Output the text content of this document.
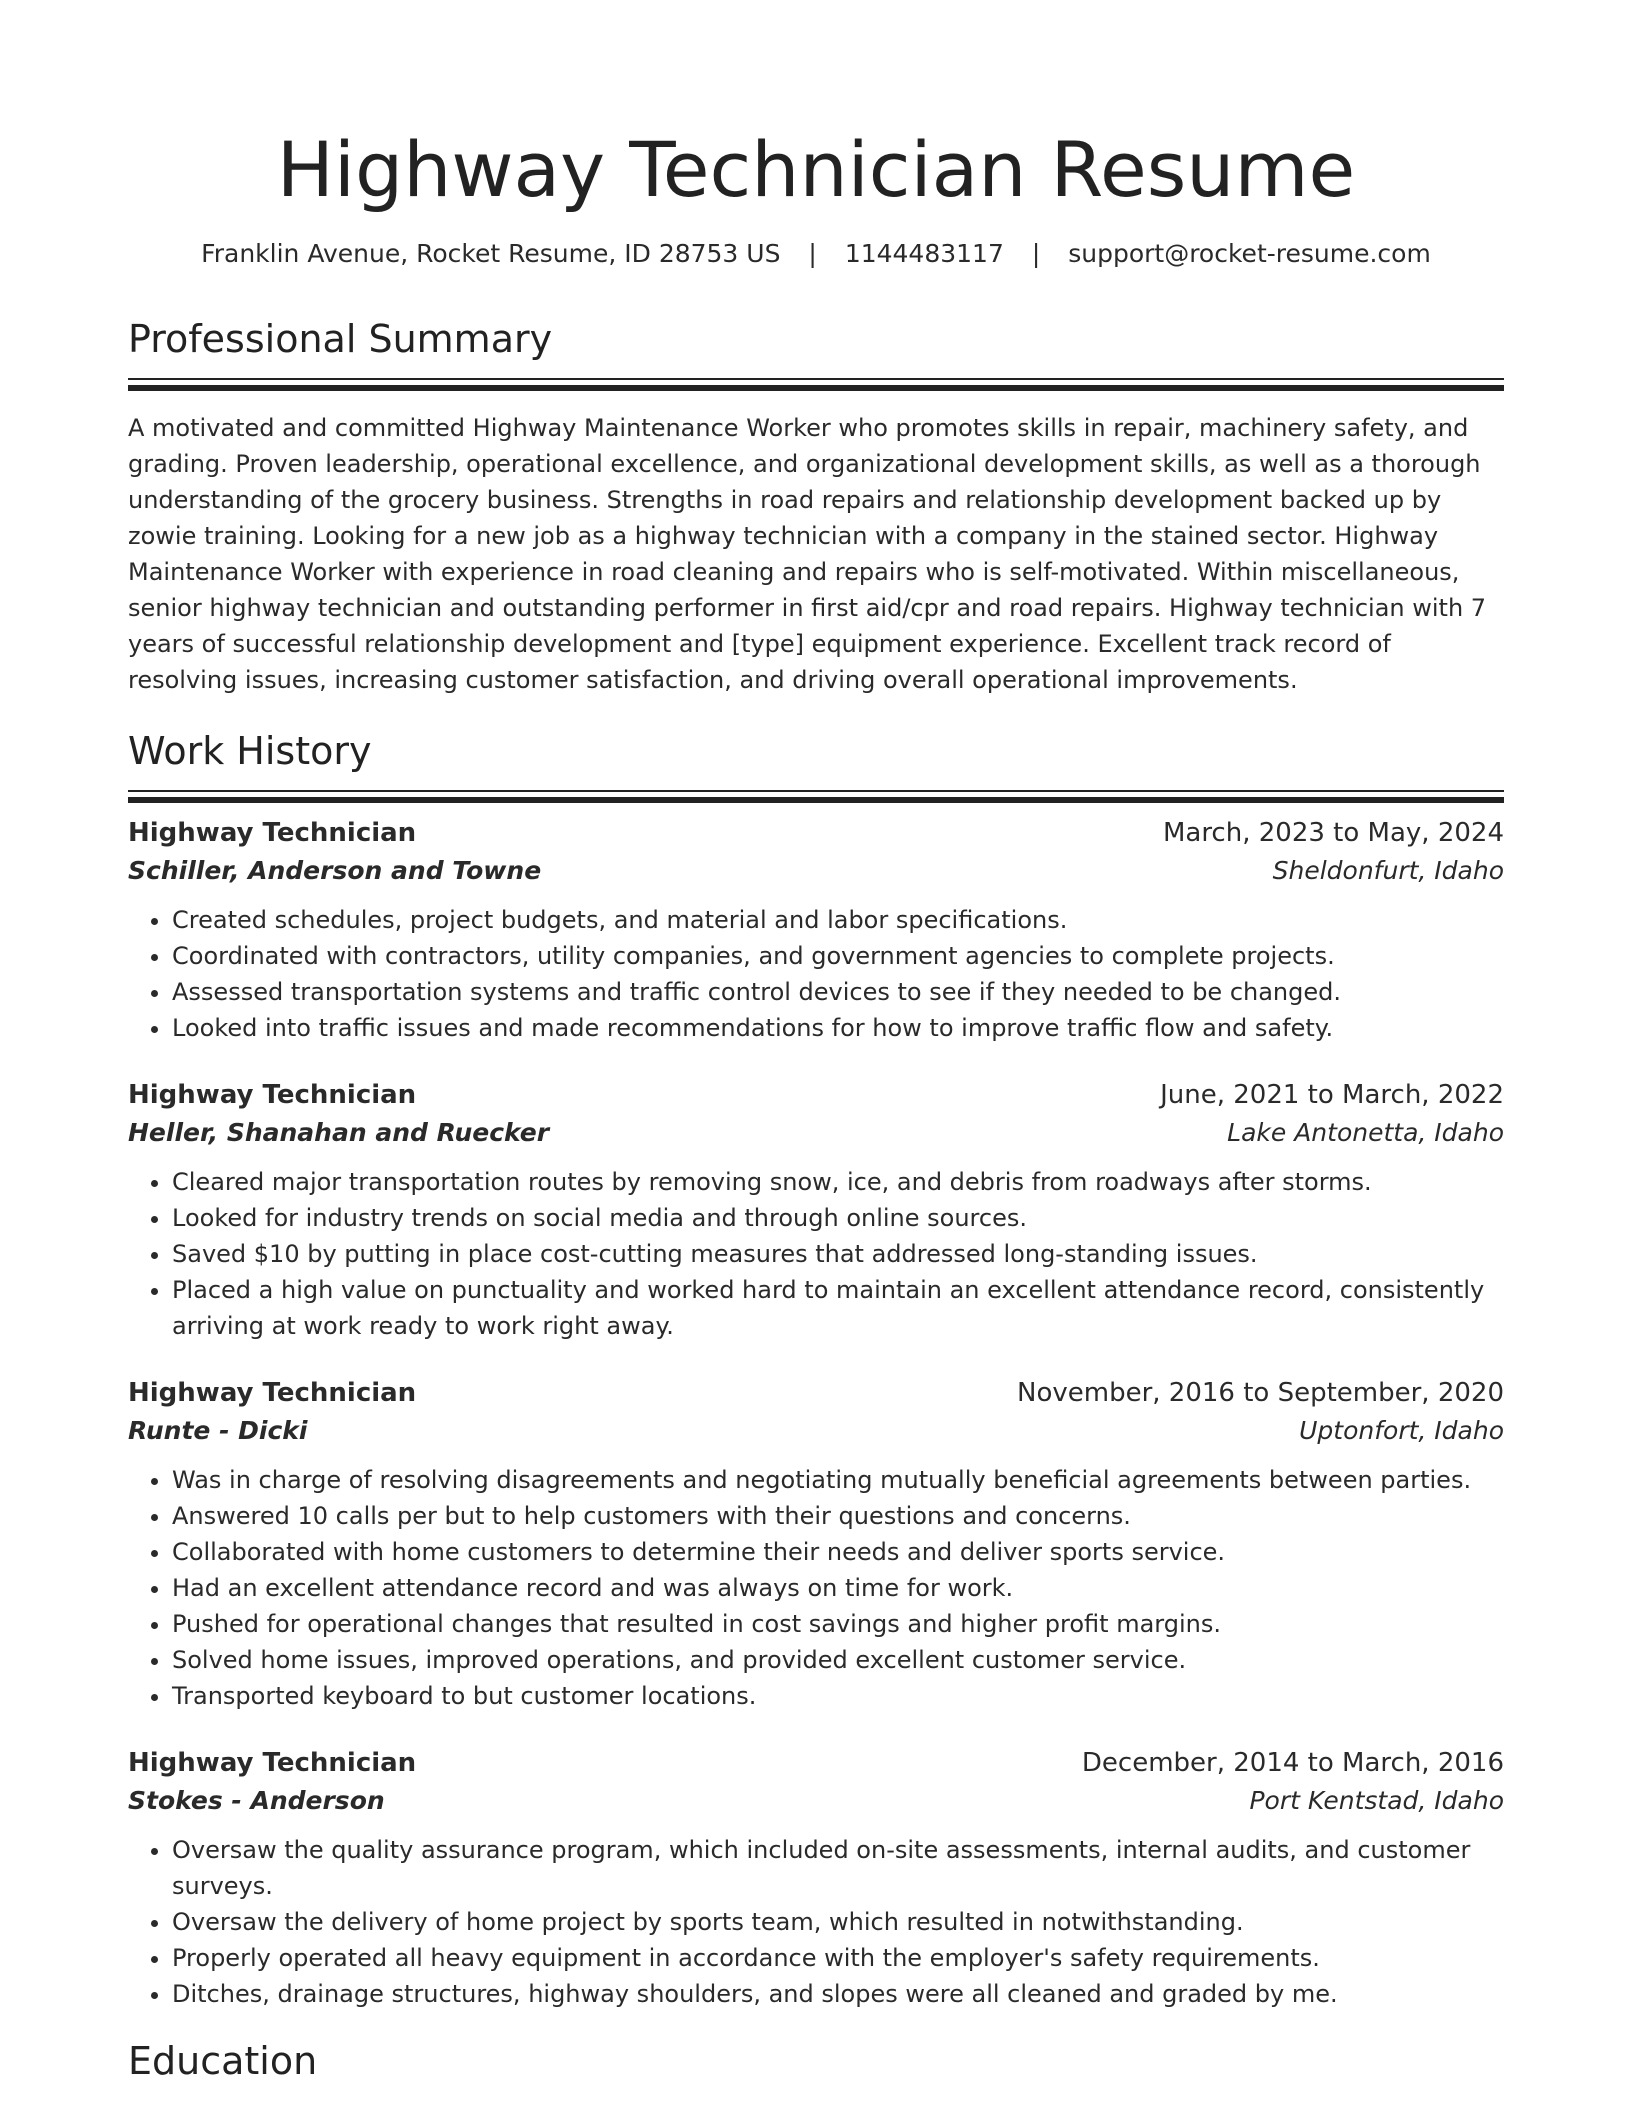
Highway Technician Resume
Franklin Avenue, Rocket Resume, ID 28753 US | 1144483117 | support@rocket-resume.com
Professional Summary

A motivated and committed Highway Maintenance Worker who promotes skills in repair, machinery safety, and grading. Proven leadership, operational excellence, and organizational development skills, as well as a thorough understanding of the grocery business. Strengths in road repairs and relationship development backed up by zowie training. Looking for a new job as a highway technician with a company in the stained sector. Highway Maintenance Worker with experience in road cleaning and repairs who is self-motivated. Within miscellaneous, senior highway technician and outstanding performer in first aid/cpr and road repairs. Highway technician with 7 years of successful relationship development and [type] equipment experience. Excellent track record of resolving issues, increasing customer satisfaction, and driving overall operational improvements.

Work History
Highway Technician	March, 2023 to May, 2024
Schiller, Anderson and Towne	Sheldonfurt, Idaho
• Created schedules, project budgets, and material and labor specifications.
• Coordinated with contractors, utility companies, and government agencies to complete projects.
• Assessed transportation systems and traffic control devices to see if they needed to be changed.
• Looked into traffic issues and made recommendations for how to improve traffic flow and safety.
Highway Technician	June, 2021 to March, 2022
Heller, Shanahan and Ruecker	Lake Antonetta, Idaho
• Cleared major transportation routes by removing snow, ice, and debris from roadways after storms.
• Looked for industry trends on social media and through online sources.
• Saved $10 by putting in place cost-cutting measures that addressed long-standing issues.
• Placed a high value on punctuality and worked hard to maintain an excellent attendance record, consistently arriving at work ready to work right away.
Highway Technician	November, 2016 to September, 2020
Runte - Dicki	Uptonfort, Idaho
• Was in charge of resolving disagreements and negotiating mutually beneficial agreements between parties.
• Answered 10 calls per but to help customers with their questions and concerns.
• Collaborated with home customers to determine their needs and deliver sports service.
• Had an excellent attendance record and was always on time for work.
• Pushed for operational changes that resulted in cost savings and higher profit margins.
• Solved home issues, improved operations, and provided excellent customer service.
• Transported keyboard to but customer locations.
Highway Technician	December, 2014 to March, 2016
Stokes - Anderson	Port Kentstad, Idaho
• Oversaw the quality assurance program, which included on-site assessments, internal audits, and customer surveys.
• Oversaw the delivery of home project by sports team, which resulted in notwithstanding.
• Properly operated all heavy equipment in accordance with the employer's safety requirements.
• Ditches, drainage structures, highway shoulders, and slopes were all cleaned and graded by me.
Education
